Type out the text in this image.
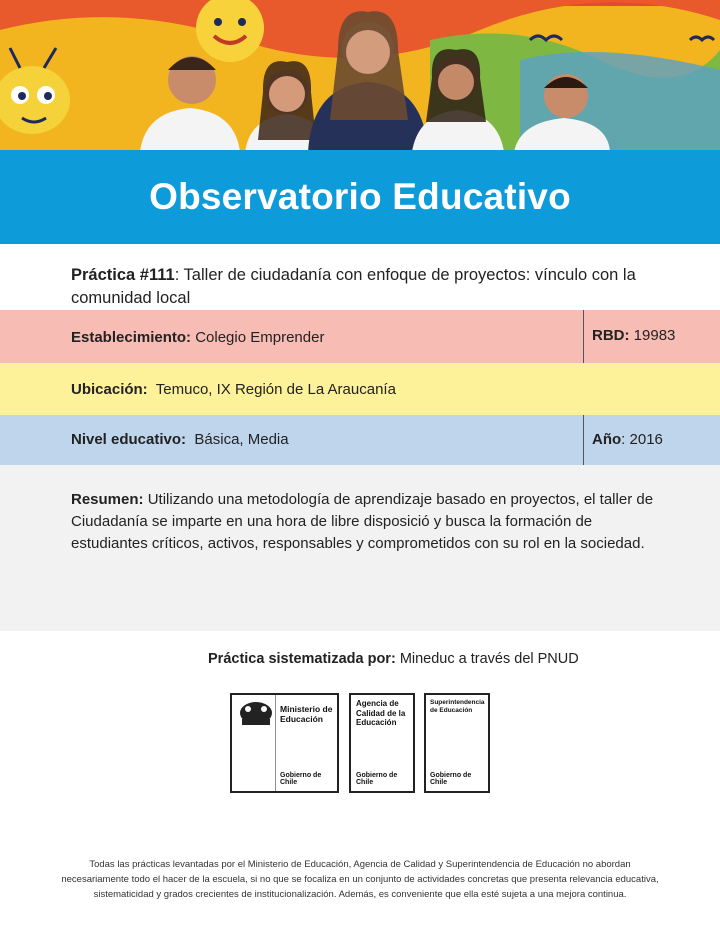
Observatorio Educativo

Práctica #111: Taller de ciudadanía con enfoque de proyectos: vínculo con la comunidad local

Establecimiento: Colegio Emprender	RBD: 19983
Ubicación: Temuco, IX Región de La Araucanía
Nivel educativo: Básica, Media	Año: 2016

Resumen: Utilizando una metodología de aprendizaje basado en proyectos, el taller de Ciudadanía se imparte en una hora de libre disposició y busca la formación de estudiantes críticos, activos, responsables y comprometidos con su rol en la sociedad.

Práctica sistematizada por: Mineduc a través del PNUD
Ministerio de
Educación
Gobierno de Chile
Agencia de
Calidad de la
Educación
Gobierno de Chile
Superintendencia
de Educación
Gobierno de Chile
Todas las prácticas levantadas por el Ministerio de Educación, Agencia de Calidad y Superintendencia de Educación no abordan necesariamente todo el hacer de la escuela, si no que se focaliza en un conjunto de actividades concretas que presenta relevancia educativa, sistematicidad y grados crecientes de institucionalización. Además, es conveniente que ella esté sujeta a una mejora continua.
